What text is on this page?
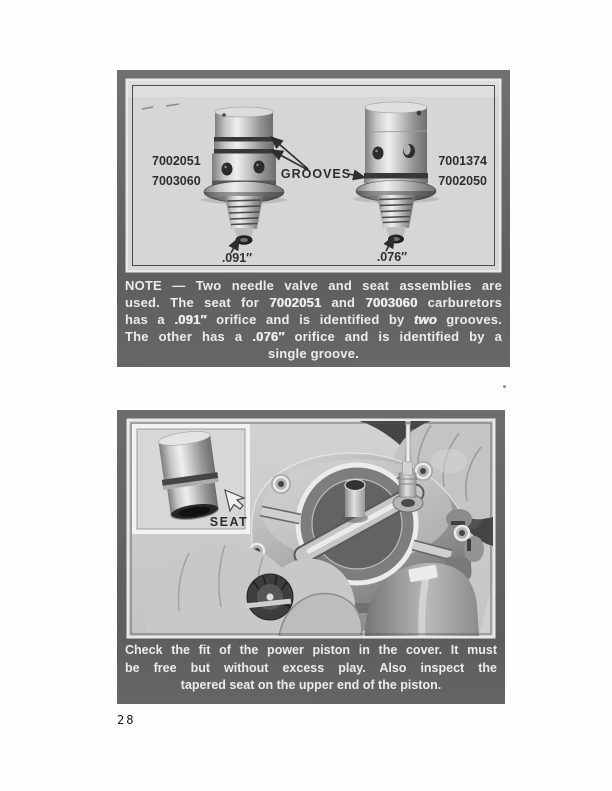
7002051
7003060	GROOVES
7001374
7002050
.091″	.076″
NOTE — Two needle valve and seat assemblies are
used. The seat for 7002051 and 7003060 carburetors
has a .091″ orifice and is identified by two grooves.
The other has a .076″ orifice and is identified by a
single groove.
SEAT
Check the fit of the power piston in the cover. It must
be free but without excess play. Also inspect the
tapered seat on the upper end of the piston.
28
